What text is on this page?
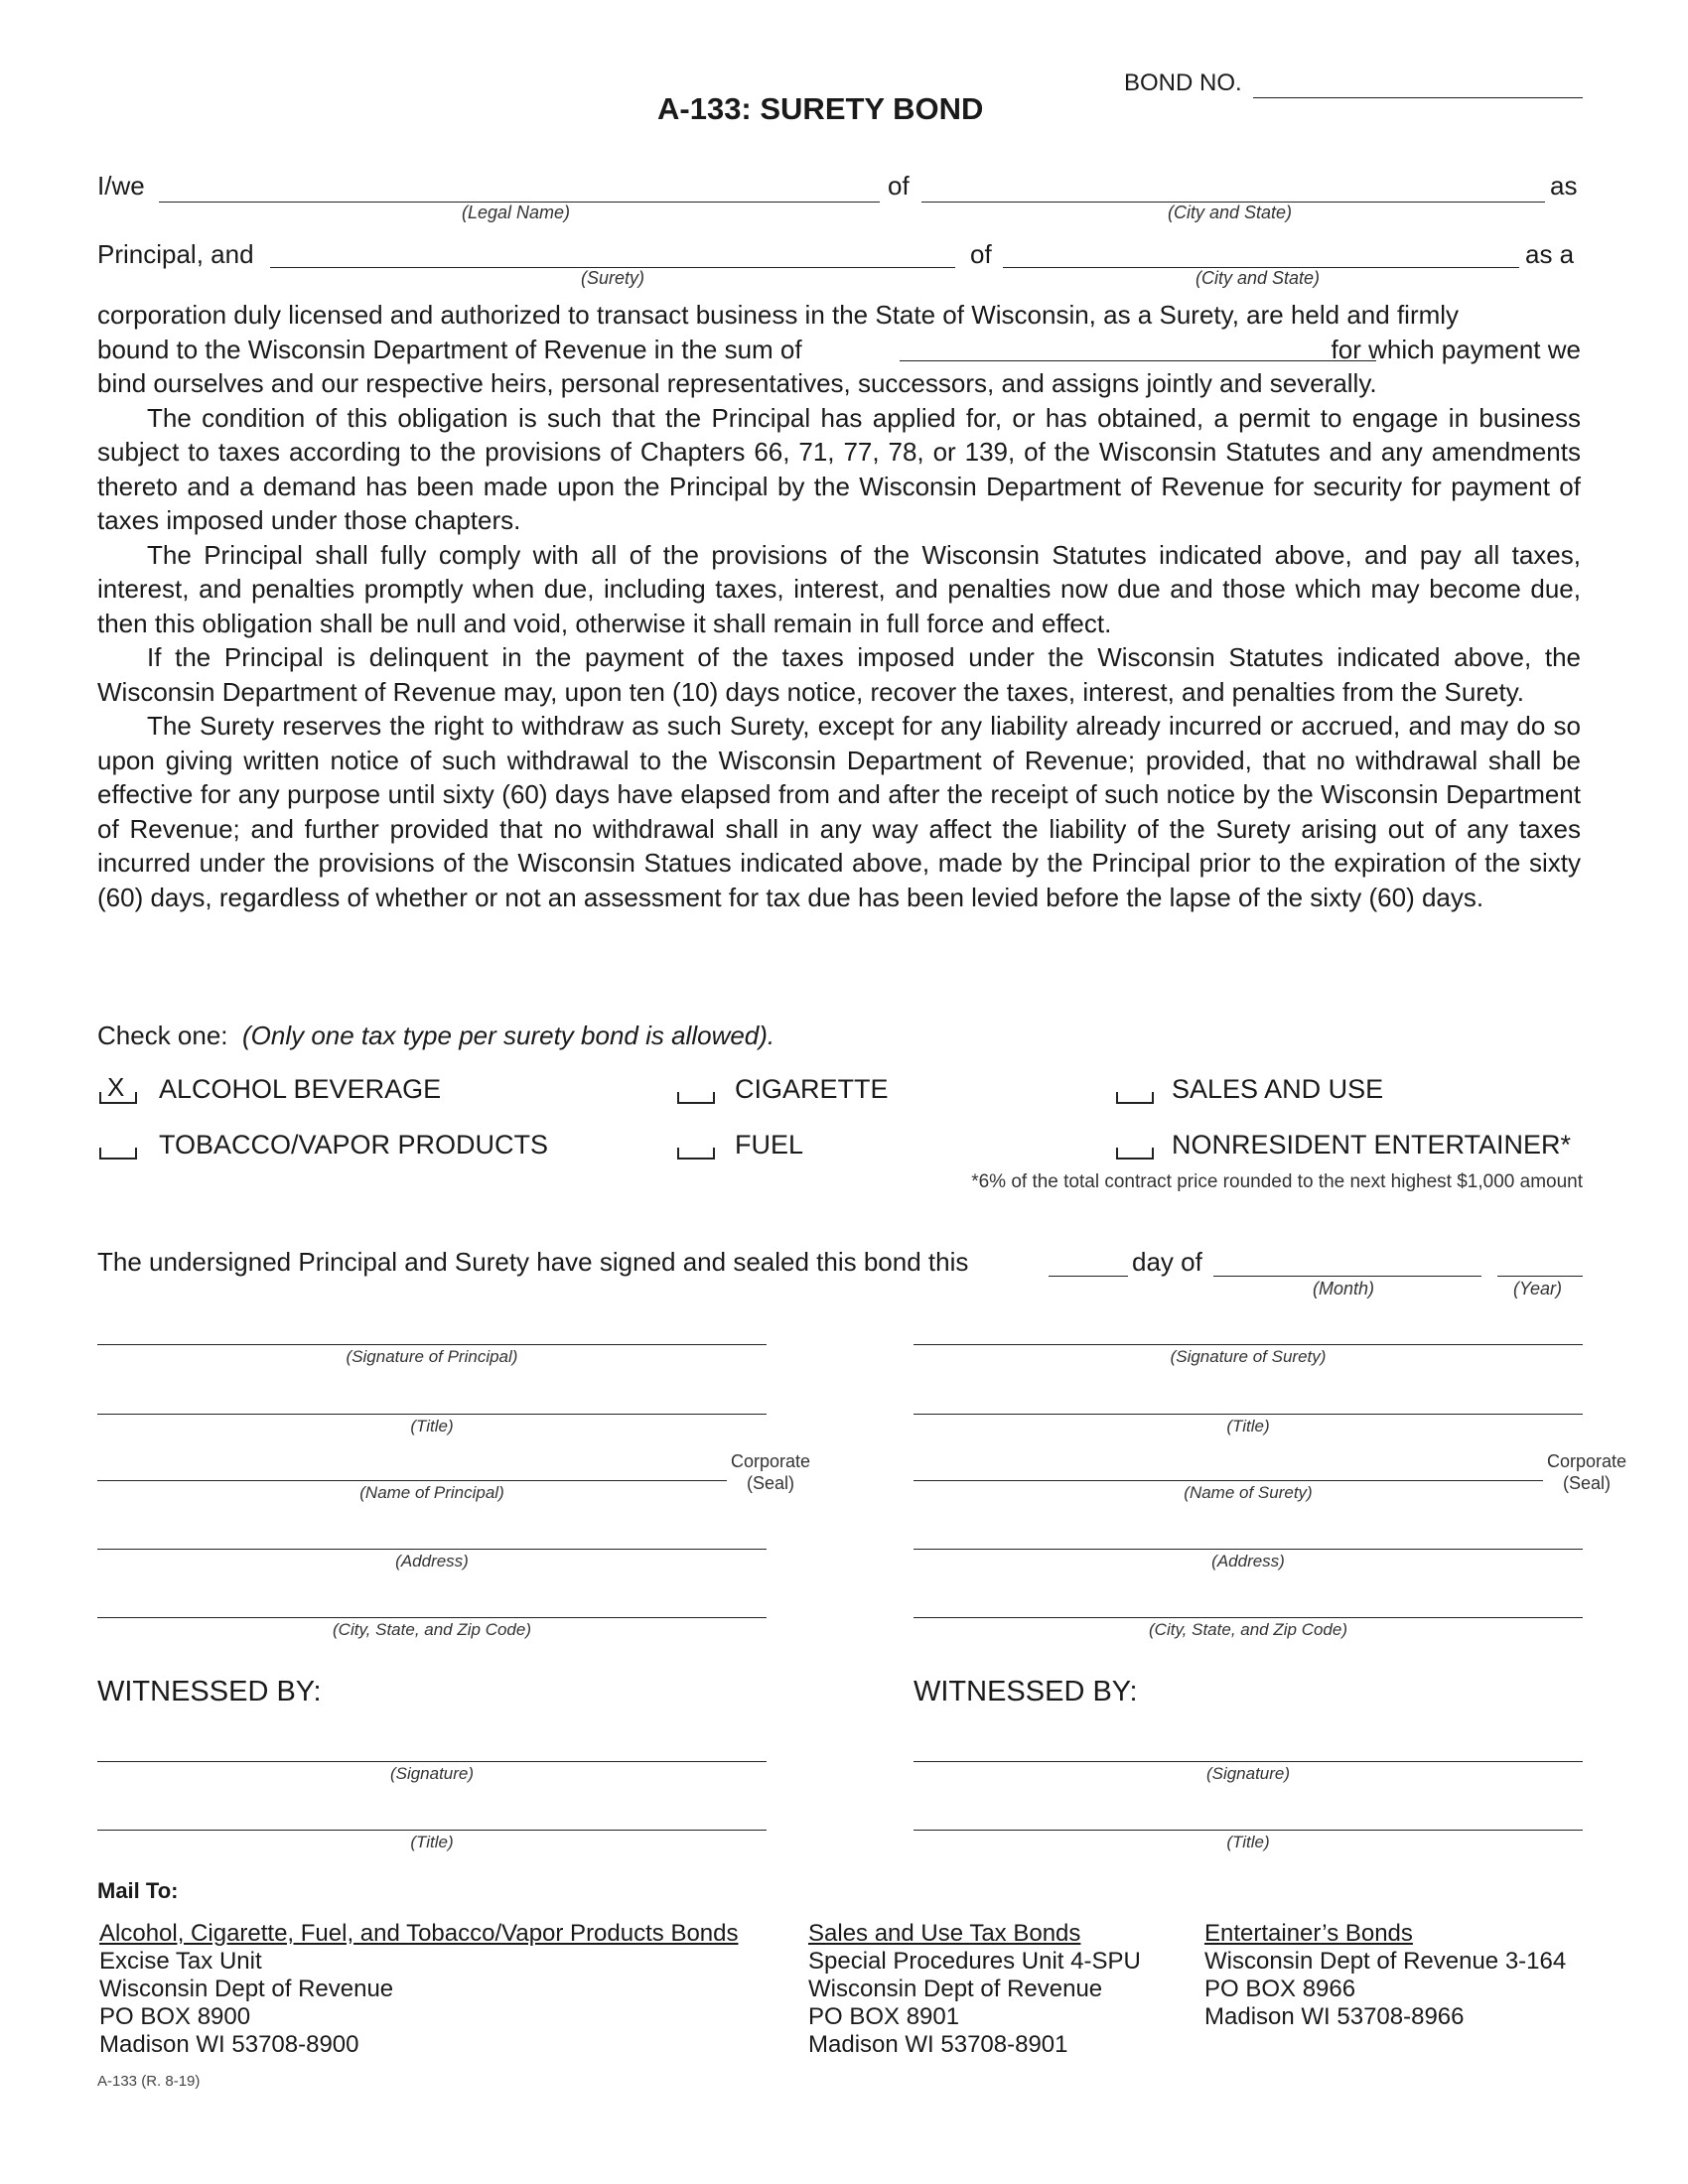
BOND NO.
A-133: SURETY BOND
I/we
(Legal Name)
of
(City and State)
as
Principal, and
(Surety)
of
(City and State)
as a

corporation duly licensed and authorized to transact business in the State of Wisconsin, as a Surety, are held and firmly

bound to the Wisconsin Department of Revenue in the sum of	for which payment we

bind ourselves and our respective heirs, personal representatives, successors, and assigns jointly and severally.

The condition of this obligation is such that the Principal has applied for, or has obtained, a permit to engage in business subject to taxes according to the provisions of Chapters 66, 71, 77, 78, or 139, of the Wisconsin Statutes and any amendments thereto and a demand has been made upon the Principal by the Wisconsin Department of Revenue for security for payment of taxes imposed under those chapters.

The Principal shall fully comply with all of the provisions of the Wisconsin Statutes indicated above, and pay all taxes, interest, and penalties promptly when due, including taxes, interest, and penalties now due and those which may become due, then this obligation shall be null and void, otherwise it shall remain in full force and effect.

If the Principal is delinquent in the payment of the taxes imposed under the Wisconsin Statutes indicated above, the Wisconsin Department of Revenue may, upon ten (10) days notice, recover the taxes, interest, and penalties from the Surety.

The Surety reserves the right to withdraw as such Surety, except for any liability already incurred or accrued, and may do so upon giving written notice of such withdrawal to the Wisconsin Department of Revenue; provided, that no withdrawal shall be effective for any purpose until sixty (60) days have elapsed from and after the receipt of such notice by the Wisconsin Department of Revenue; and further provided that no withdrawal shall in any way affect the liability of the Surety arising out of any taxes incurred under the provisions of the Wisconsin Statues indicated above, made by the Principal prior to the expiration of the sixty (60) days, regardless of whether or not an assessment for tax due has been levied before the lapse of the sixty (60) days.

Check one: (Only one tax type per surety bond is allowed).
X ALCOHOL BEVERAGE	CIGARETTE	SALES AND USE
TOBACCO/VAPOR PRODUCTS	FUEL	NONRESIDENT ENTERTAINER*
*6% of the total contract price rounded to the next highest $1,000 amount
The undersigned Principal and Surety have signed and sealed this bond this	day of
(Month)	(Year)
(Signature of Principal)
(Title)
(Name of Principal)
Corporate
(Seal)
(Address)
(City, State, and Zip Code)
(Signature of Surety)
(Title)
(Name of Surety)
Corporate
(Seal)
(Address)
(City, State, and Zip Code)
WITNESSED BY:
(Signature)
(Title)
WITNESSED BY:
(Signature)
(Title)
Mail To:
Alcohol, Cigarette, Fuel, and Tobacco/Vapor Products Bonds
Excise Tax Unit
Wisconsin Dept of Revenue
PO BOX 8900
Madison WI 53708-8900
Sales and Use Tax Bonds
Special Procedures Unit 4-SPU
Wisconsin Dept of Revenue
PO BOX 8901
Madison WI 53708-8901
Entertainer’s Bonds
Wisconsin Dept of Revenue 3-164
PO BOX 8966
Madison WI 53708-8966
A-133 (R. 8-19)
